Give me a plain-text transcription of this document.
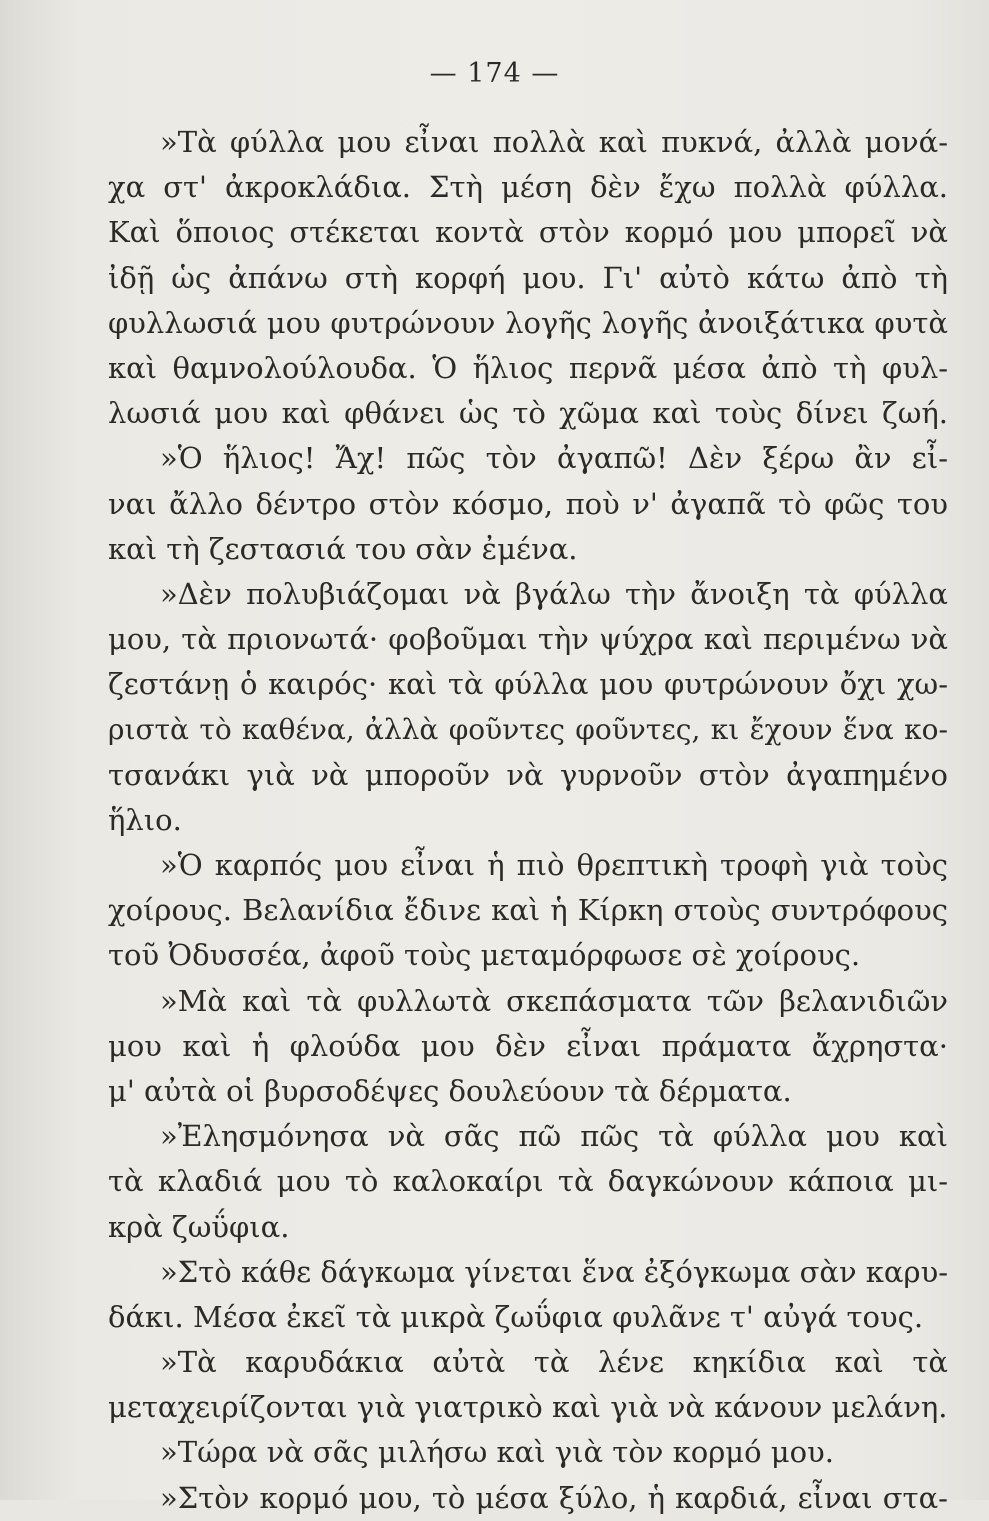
— 174 —
»Τὰ φύλλα μου εἶναι πολλὰ καὶ πυκνά, ἀλλὰ μονά-
χα στ' ἀκροκλάδια. Στὴ μέση δὲν ἔχω πολλὰ φύλλα.
Καὶ ὅποιος στέκεται κοντὰ στὸν κορμό μου μπορεῖ νὰ
ἰδῇ ὡς ἀπάνω στὴ κορφή μου. Γι' αὐτὸ κάτω ἀπὸ τὴ
φυλλωσιά μου φυτρώνουν λογῆς λογῆς ἀνοιξάτικα φυτὰ
καὶ θαμνολούλουδα. Ὁ ἥλιος περνᾶ μέσα ἀπὸ τὴ φυλ-
λωσιά μου καὶ φθάνει ὡς τὸ χῶμα καὶ τοὺς δίνει ζωή.
»Ὁ ἥλιος! Ἄχ! πῶς τὸν ἀγαπῶ! Δὲν ξέρω ἂν εἶ-
ναι ἄλλο δέντρο στὸν κόσμο, ποὺ ν' ἀγαπᾶ τὸ φῶς του
καὶ τὴ ζεστασιά του σὰν ἐμένα.
»Δὲν πολυβιάζομαι νὰ βγάλω τὴν ἄνοιξη τὰ φύλλα
μου, τὰ πριονωτά· φοβοῦμαι τὴν ψύχρα καὶ περιμένω νὰ
ζεστάνῃ ὁ καιρός· καὶ τὰ φύλλα μου φυτρώνουν ὄχι χω-
ριστὰ τὸ καθένα, ἀλλὰ φοῦντες φοῦντες, κι ἔχουν ἕνα κο-
τσανάκι γιὰ νὰ μποροῦν νὰ γυρνοῦν στὸν ἀγαπημένο
ἥλιο.
»Ὁ καρπός μου εἶναι ἡ πιὸ θρεπτικὴ τροφὴ γιὰ τοὺς
χοίρους. Βελανίδια ἔδινε καὶ ἡ Κίρκη στοὺς συντρόφους
τοῦ Ὀδυσσέα, ἀφοῦ τοὺς μεταμόρφωσε σὲ χοίρους.
»Μὰ καὶ τὰ φυλλωτὰ σκεπάσματα τῶν βελανιδιῶν
μου καὶ ἡ φλούδα μου δὲν εἶναι πράματα ἄχρηστα·
μ' αὐτὰ οἱ βυρσοδέψες δουλεύουν τὰ δέρματα.
»Ἐλησμόνησα νὰ σᾶς πῶ πῶς τὰ φύλλα μου καὶ
τὰ κλαδιά μου τὸ καλοκαίρι τὰ δαγκώνουν κάποια μι-
κρὰ ζωΰφια.
»Στὸ κάθε δάγκωμα γίνεται ἕνα ἐξόγκωμα σὰν καρυ-
δάκι. Μέσα ἐκεῖ τὰ μικρὰ ζωΰφια φυλᾶνε τ' αὐγά τους.
»Τὰ καρυδάκια αὐτὰ τὰ λένε κηκίδια καὶ τὰ
μεταχειρίζονται γιὰ γιατρικὸ καὶ γιὰ νὰ κάνουν μελάνη.
»Τώρα νὰ σᾶς μιλήσω καὶ γιὰ τὸν κορμό μου.
»Στὸν κορμό μου, τὸ μέσα ξύλο, ἡ καρδιά, εἶναι στα-
